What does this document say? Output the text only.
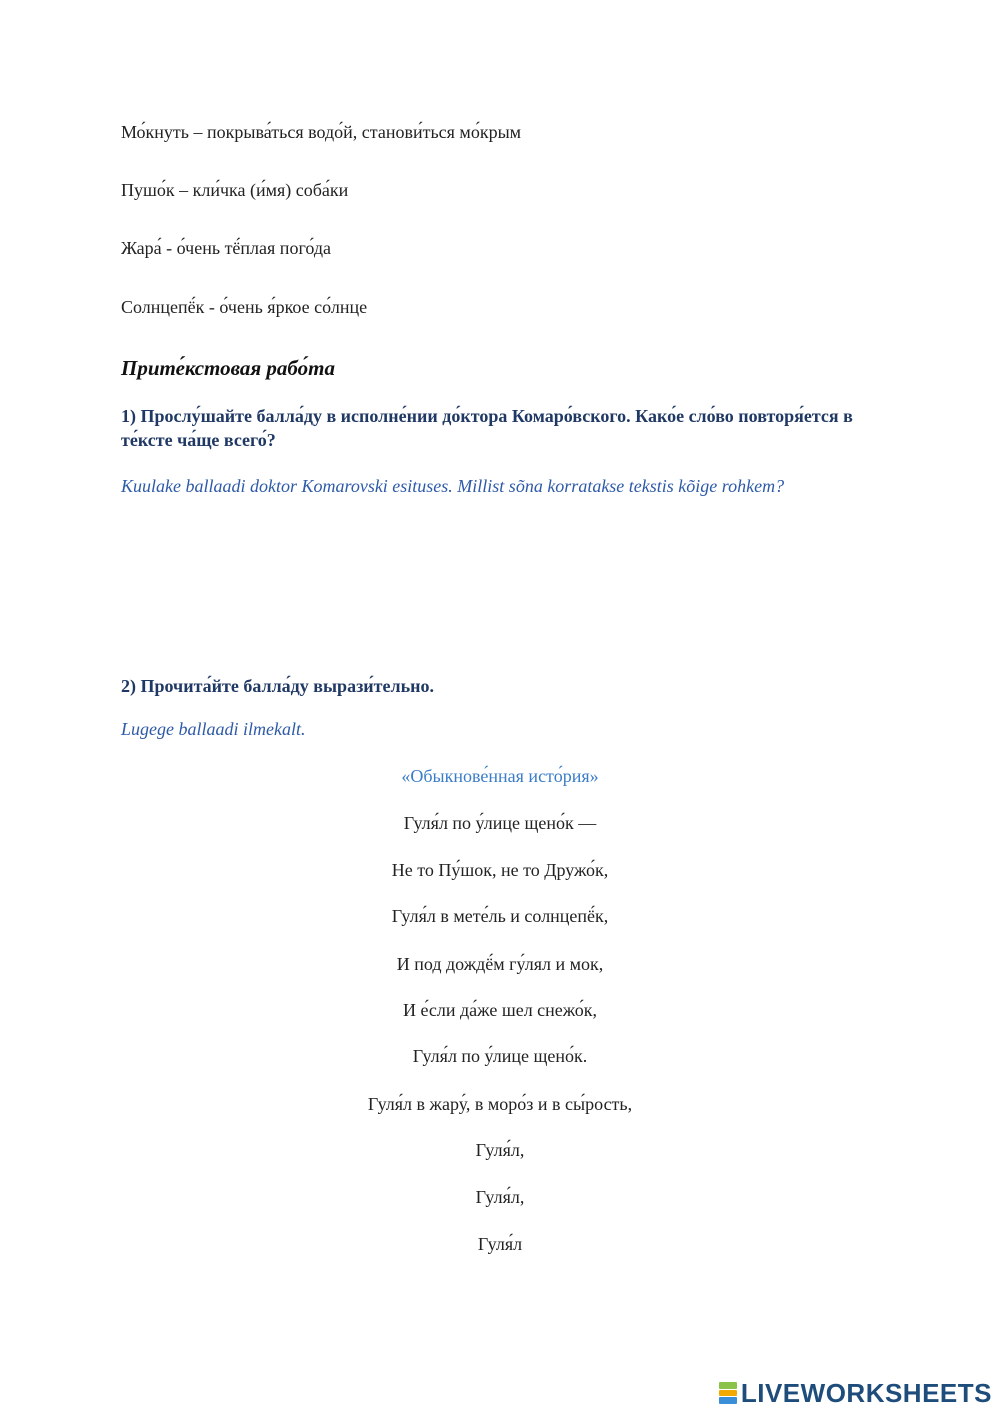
Мо́кнуть – покрыва́ться водо́й, станови́ться мо́крым
Пушо́к – кли́чка (и́мя) соба́ки
Жара́ - о́чень тё́плая пого́да
Солнцепё́к - о́чень я́ркое со́лнце
Прите́кстовая рабо́та
1) Прослу́шайте балла́ду в исполне́нии до́ктора Комаро́вского. Како́е сло́во повторя́ется в те́ксте ча́ще всего́?
Kuulake ballaadi doktor Komarovski esituses. Millist sõna korratakse tekstis kõige rohkem?
2) Прочита́йте балла́ду вырази́тельно.
Lugege ballaadi ilmekalt.
«Обыкнове́нная исто́рия»
Гуля́л по у́лице щено́к —
Не то Пу́шок, не то Дружо́к,
Гуля́л в мете́ль и солнцепё́к,
И под дождё́м гу́лял и мок,
И е́сли да́же шел снежо́к,
Гуля́л по у́лице щено́к.
Гуля́л в жару́, в моро́з и в сы́рость,
Гуля́л,
Гуля́л,
Гуля́л
LIVEWORKSHEETS
